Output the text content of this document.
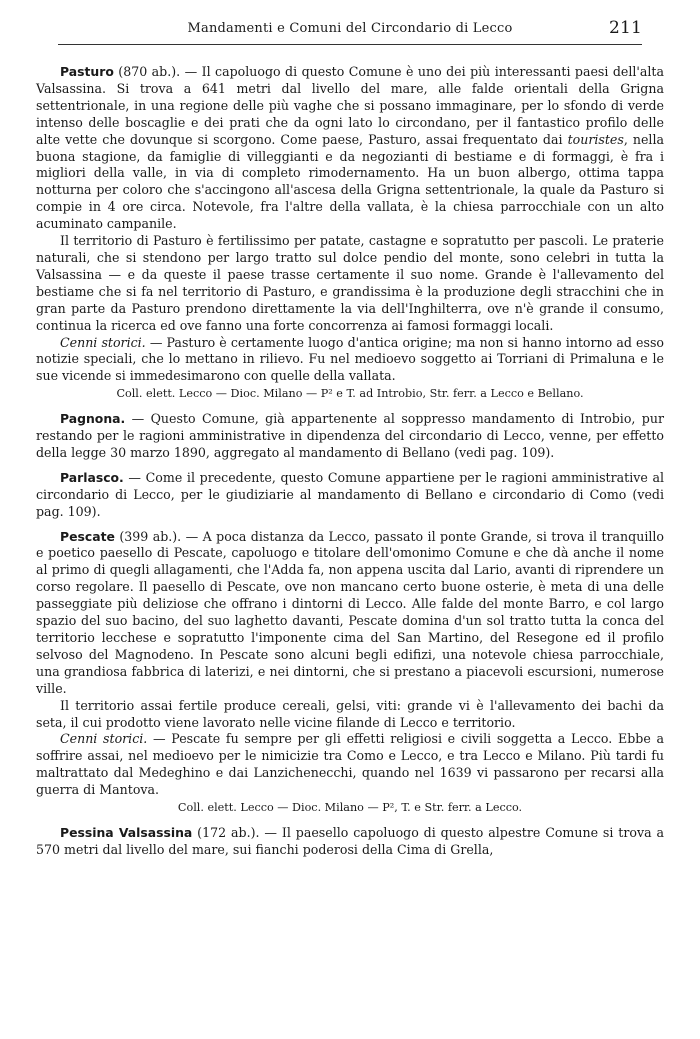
Mandamenti e Comuni del Circondario di Lecco	211

Pasturo (870 ab.). — Il capoluogo di questo Comune è uno dei più interessanti paesi dell'alta Valsassina. Si trova a 641 metri dal livello del mare, alle falde orientali della Grigna settentrionale, in una regione delle più vaghe che si possano immaginare, per lo sfondo di verde intenso delle boscaglie e dei prati che da ogni lato lo circondano, per il fantastico profilo delle alte vette che dovunque si scorgono. Come paese, Pasturo, assai frequentato dai touristes, nella buona stagione, da famiglie di villeggianti e da negozianti di bestiame e di formaggi, è fra i migliori della valle, in via di completo rimodernamento. Ha un buon albergo, ottima tappa notturna per coloro che s'accingono all'ascesa della Grigna settentrionale, la quale da Pasturo si compie in 4 ore circa. Notevole, fra l'altre della vallata, è la chiesa parrocchiale con un alto acuminato campanile.

Il territorio di Pasturo è fertilissimo per patate, castagne e sopratutto per pascoli. Le praterie naturali, che si stendono per largo tratto sul dolce pendio del monte, sono celebri in tutta la Valsassina — e da queste il paese trasse certamente il suo nome. Grande è l'allevamento del bestiame che si fa nel territorio di Pasturo, e grandissima è la produzione degli stracchini che in gran parte da Pasturo prendono direttamente la via dell'Inghilterra, ove n'è grande il consumo, continua la ricerca ed ove fanno una forte concorrenza ai famosi formaggi locali.

Cenni storici. — Pasturo è certamente luogo d'antica origine; ma non si hanno intorno ad esso notizie speciali, che lo mettano in rilievo. Fu nel medioevo soggetto ai Torriani di Primaluna e le sue vicende si immedesimarono con quelle della vallata.

Coll. elett. Lecco — Dioc. Milano — P² e T. ad Introbio, Str. ferr. a Lecco e Bellano.

Pagnona. — Questo Comune, già appartenente al soppresso mandamento di Introbio, pur restando per le ragioni amministrative in dipendenza del circondario di Lecco, venne, per effetto della legge 30 marzo 1890, aggregato al mandamento di Bellano (vedi pag. 109).

Parlasco. — Come il precedente, questo Comune appartiene per le ragioni amministrative al circondario di Lecco, per le giudiziarie al mandamento di Bellano e circondario di Como (vedi pag. 109).

Pescate (399 ab.). — A poca distanza da Lecco, passato il ponte Grande, si trova il tranquillo e poetico paesello di Pescate, capoluogo e titolare dell'omonimo Comune e che dà anche il nome al primo di quegli allagamenti, che l'Adda fa, non appena uscita dal Lario, avanti di riprendere un corso regolare. Il paesello di Pescate, ove non mancano certo buone osterie, è meta di una delle passeggiate più deliziose che offrano i dintorni di Lecco. Alle falde del monte Barro, e col largo spazio del suo bacino, del suo laghetto davanti, Pescate domina d'un sol tratto tutta la conca del territorio lecchese e sopratutto l'imponente cima del San Martino, del Resegone ed il profilo selvoso del Magnodeno. In Pescate sono alcuni begli edifizi, una notevole chiesa parrocchiale, una grandiosa fabbrica di laterizi, e nei dintorni, che si prestano a piacevoli escursioni, numerose ville.

Il territorio assai fertile produce cereali, gelsi, viti: grande vi è l'allevamento dei bachi da seta, il cui prodotto viene lavorato nelle vicine filande di Lecco e territorio.

Cenni storici. — Pescate fu sempre per gli effetti religiosi e civili soggetta a Lecco. Ebbe a soffrire assai, nel medioevo per le nimicizie tra Como e Lecco, e tra Lecco e Milano. Più tardi fu maltrattato dal Medeghino e dai Lanzichenecchi, quando nel 1639 vi passarono per recarsi alla guerra di Mantova.

Coll. elett. Lecco — Dioc. Milano — P², T. e Str. ferr. a Lecco.

Pessina Valsassina (172 ab.). — Il paesello capoluogo di questo alpestre Comune si trova a 570 metri dal livello del mare, sui fianchi poderosi della Cima di Grella,
